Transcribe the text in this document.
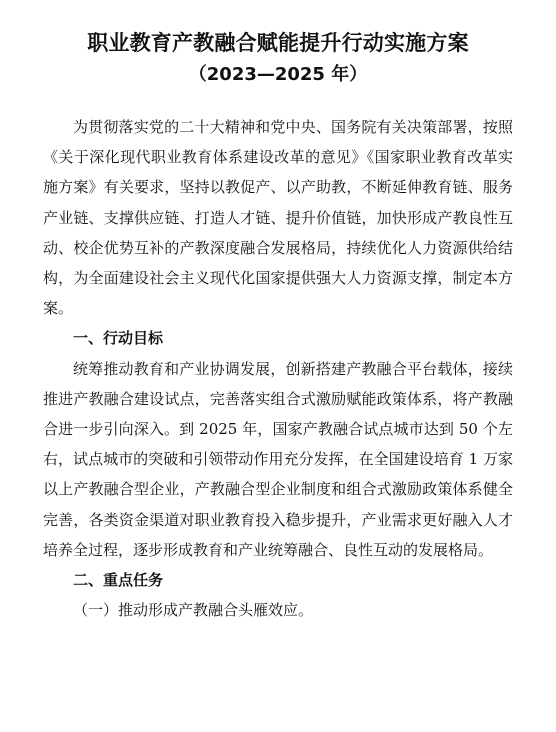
职业教育产教融合赋能提升行动实施方案
（2023—2025 年）

为贯彻落实党的二十大精神和党中央、国务院有关决策部署，按照《关于深化现代职业教育体系建设改革的意见》《国家职业教育改革实施方案》有关要求，坚持以教促产、以产助教，不断延伸教育链、服务产业链、支撑供应链、打造人才链、提升价值链，加快形成产教良性互动、校企优势互补的产教深度融合发展格局，持续优化人力资源供给结构，为全面建设社会主义现代化国家提供强大人力资源支撑，制定本方案。

一、行动目标

统筹推动教育和产业协调发展，创新搭建产教融合平台载体，接续推进产教融合建设试点，完善落实组合式激励赋能政策体系，将产教融合进一步引向深入。到 2025 年，国家产教融合试点城市达到 50 个左右，试点城市的突破和引领带动作用充分发挥，在全国建设培育 1 万家以上产教融合型企业，产教融合型企业制度和组合式激励政策体系健全完善，各类资金渠道对职业教育投入稳步提升，产业需求更好融入人才培养全过程，逐步形成教育和产业统筹融合、良性互动的发展格局。

二、重点任务
（一）推动形成产教融合头雁效应。
